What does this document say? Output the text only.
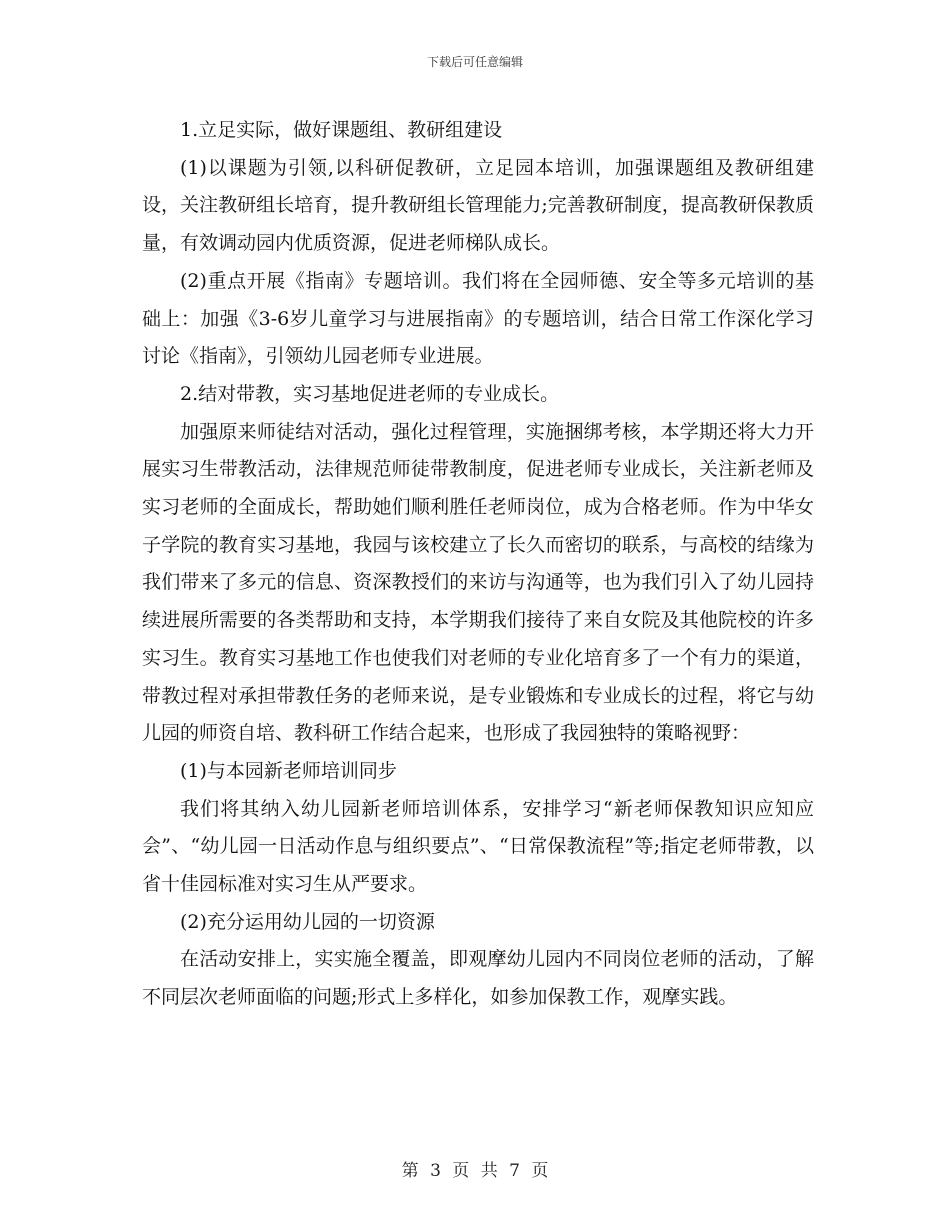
下载后可任意编辑

1.立足实际，做好课题组、教研组建设

(1)以课题为引领,以科研促教研，立足园本培训，加强课题组及教研组建设，关注教研组长培育，提升教研组长管理能力;完善教研制度，提高教研保教质量，有效调动园内优质资源，促进老师梯队成长。

(2)重点开展《指南》专题培训。我们将在全园师德、安全等多元培训的基础上：加强《3-6岁儿童学习与进展指南》的专题培训，结合日常工作深化学习讨论《指南》，引领幼儿园老师专业进展。

2.结对带教，实习基地促进老师的专业成长。

加强原来师徒结对活动，强化过程管理，实施捆绑考核，本学期还将大力开展实习生带教活动，法律规范师徒带教制度，促进老师专业成长，关注新老师及实习老师的全面成长，帮助她们顺利胜任老师岗位，成为合格老师。作为中华女子学院的教育实习基地，我园与该校建立了长久而密切的联系，与高校的结缘为我们带来了多元的信息、资深教授们的来访与沟通等，也为我们引入了幼儿园持续进展所需要的各类帮助和支持，本学期我们接待了来自女院及其他院校的许多实习生。教育实习基地工作也使我们对老师的专业化培育多了一个有力的渠道，带教过程对承担带教任务的老师来说，是专业锻炼和专业成长的过程，将它与幼儿园的师资自培、教科研工作结合起来，也形成了我园独特的策略视野：

(1)与本园新老师培训同步

我们将其纳入幼儿园新老师培训体系，安排学习“新老师保教知识应知应会”、“幼儿园一日活动作息与组织要点”、“日常保教流程”等;指定老师带教，以省十佳园标准对实习生从严要求。

(2)充分运用幼儿园的一切资源

在活动安排上，实实施全覆盖，即观摩幼儿园内不同岗位老师的活动，了解不同层次老师面临的问题;形式上多样化，如参加保教工作，观摩实践。

第 3 页 共 7 页
